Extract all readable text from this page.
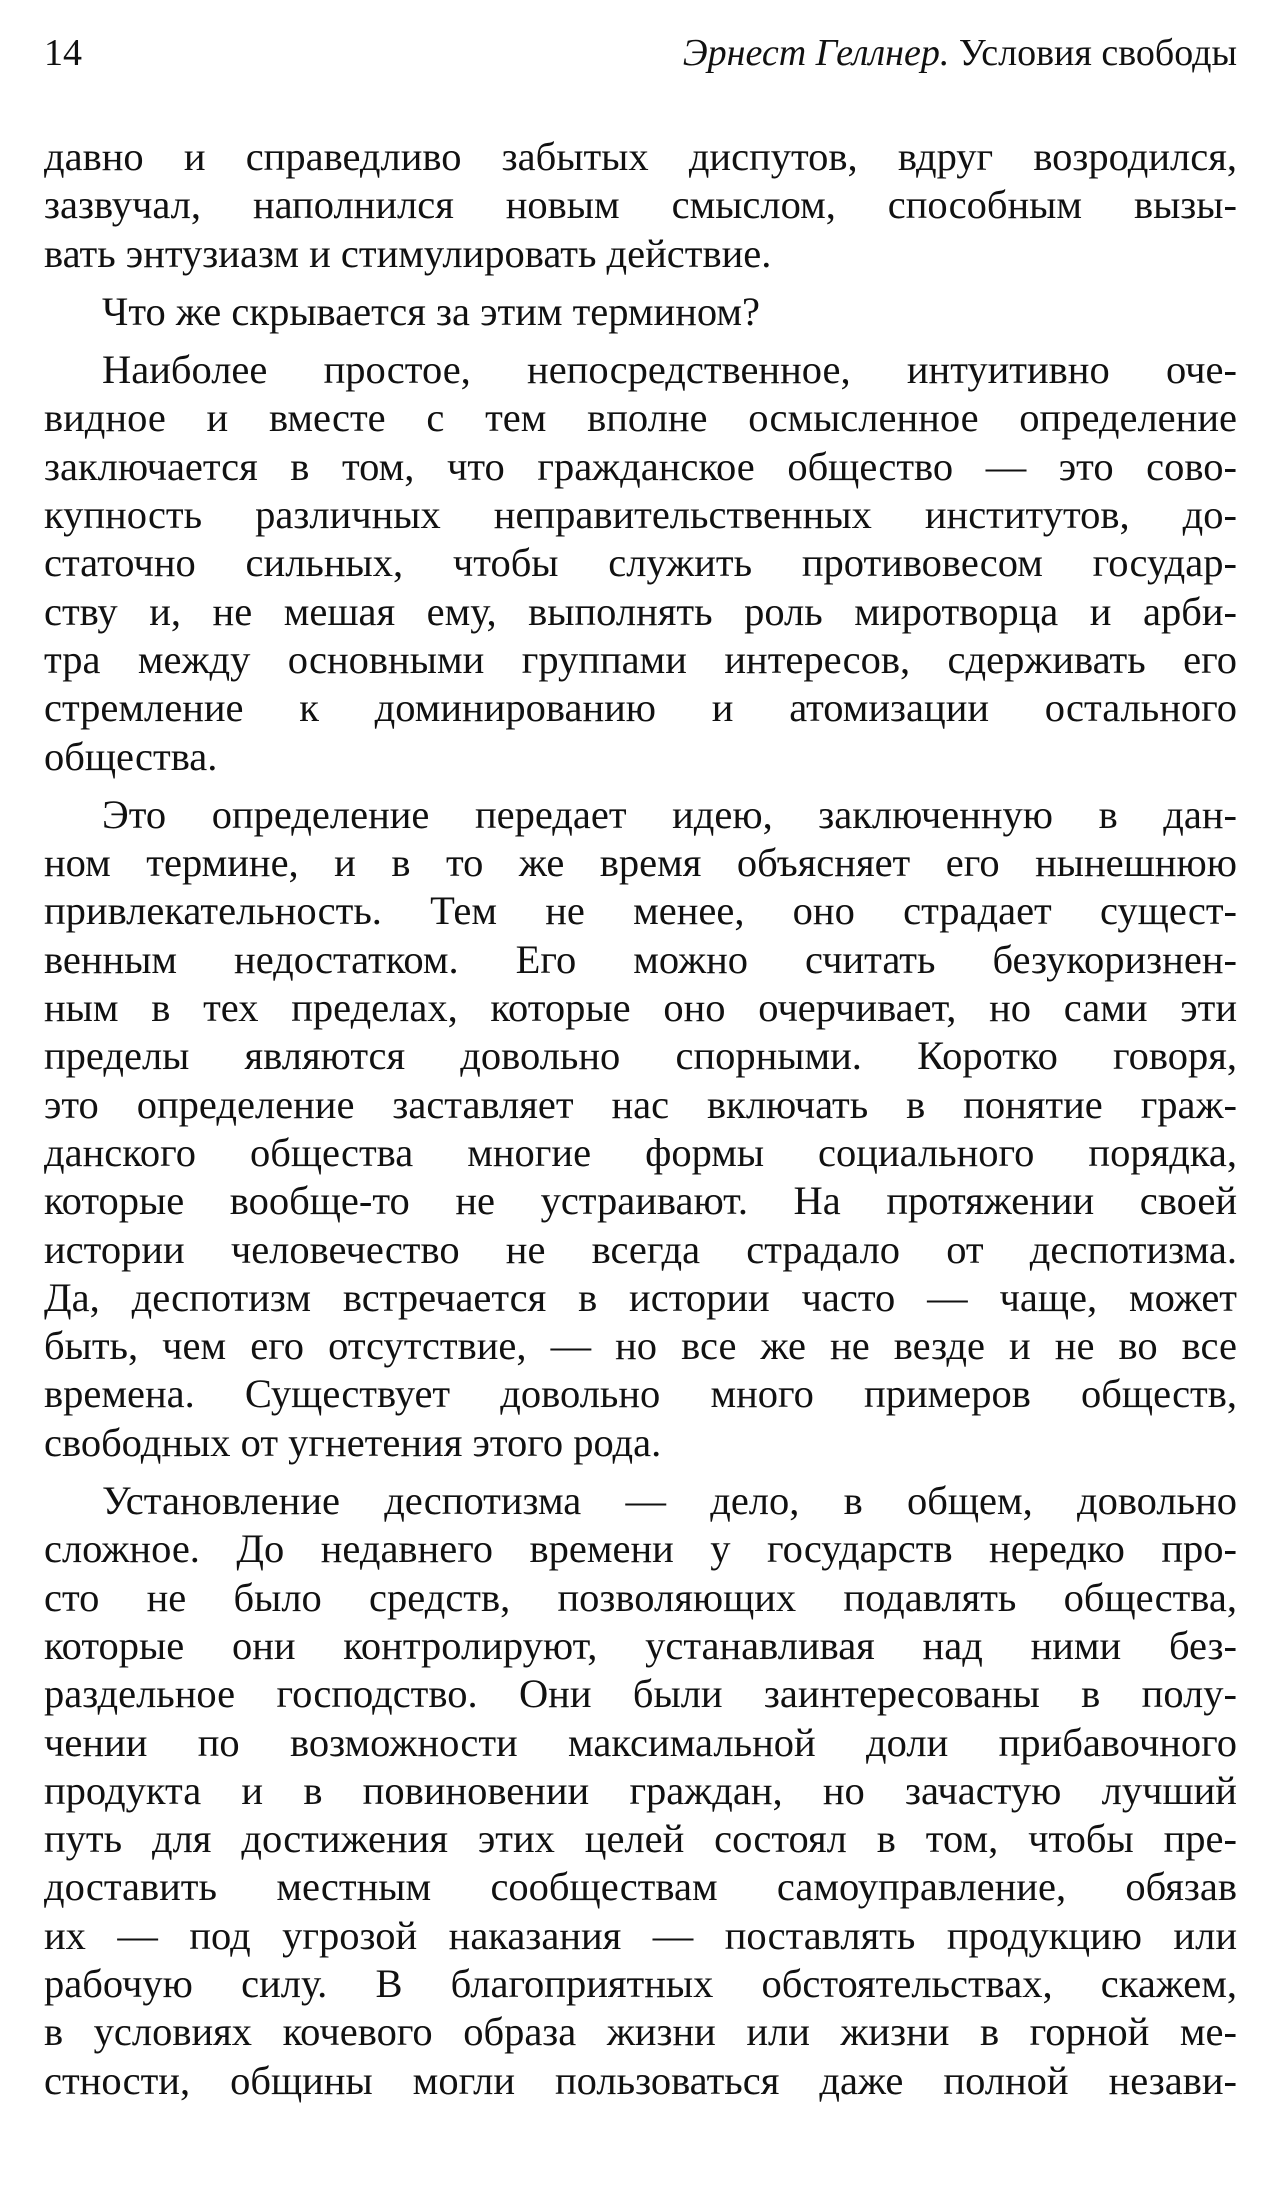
14	Эрнест Геллнер. Условия свободы
давно и справедливо забытых диспутов, вдруг возродился,
зазвучал, наполнился новым смыслом, способным вызы-
вать энтузиазм и стимулировать действие.
Что же скрывается за этим термином?
Наиболее простое, непосредственное, интуитивно оче-
видное и вместе с тем вполне осмысленное определение
заключается в том, что гражданское общество — это сово-
купность различных неправительственных институтов, до-
статочно сильных, чтобы служить противовесом государ-
ству и, не мешая ему, выполнять роль миротворца и арби-
тра между основными группами интересов, сдерживать его
стремление к доминированию и атомизации остального
общества.
Это определение передает идею, заключенную в дан-
ном термине, и в то же время объясняет его нынешнюю
привлекательность. Тем не менее, оно страдает сущест-
венным недостатком. Его можно считать безукоризнен-
ным в тех пределах, которые оно очерчивает, но сами эти
пределы являются довольно спорными. Коротко говоря,
это определение заставляет нас включать в понятие граж-
данского общества многие формы социального порядка,
которые вообще-то не устраивают. На протяжении своей
истории человечество не всегда страдало от деспотизма.
Да, деспотизм встречается в истории часто — чаще, может
быть, чем его отсутствие, — но все же не везде и не во все
времена. Существует довольно много примеров обществ,
свободных от угнетения этого рода.
Установление деспотизма — дело, в общем, довольно
сложное. До недавнего времени у государств нередко про-
сто не было средств, позволяющих подавлять общества,
которые они контролируют, устанавливая над ними без-
раздельное господство. Они были заинтересованы в полу-
чении по возможности максимальной доли прибавочного
продукта и в повиновении граждан, но зачастую лучший
путь для достижения этих целей состоял в том, чтобы пре-
доставить местным сообществам самоуправление, обязав
их — под угрозой наказания — поставлять продукцию или
рабочую силу. В благоприятных обстоятельствах, скажем,
в условиях кочевого образа жизни или жизни в горной ме-
стности, общины могли пользоваться даже полной незави-
